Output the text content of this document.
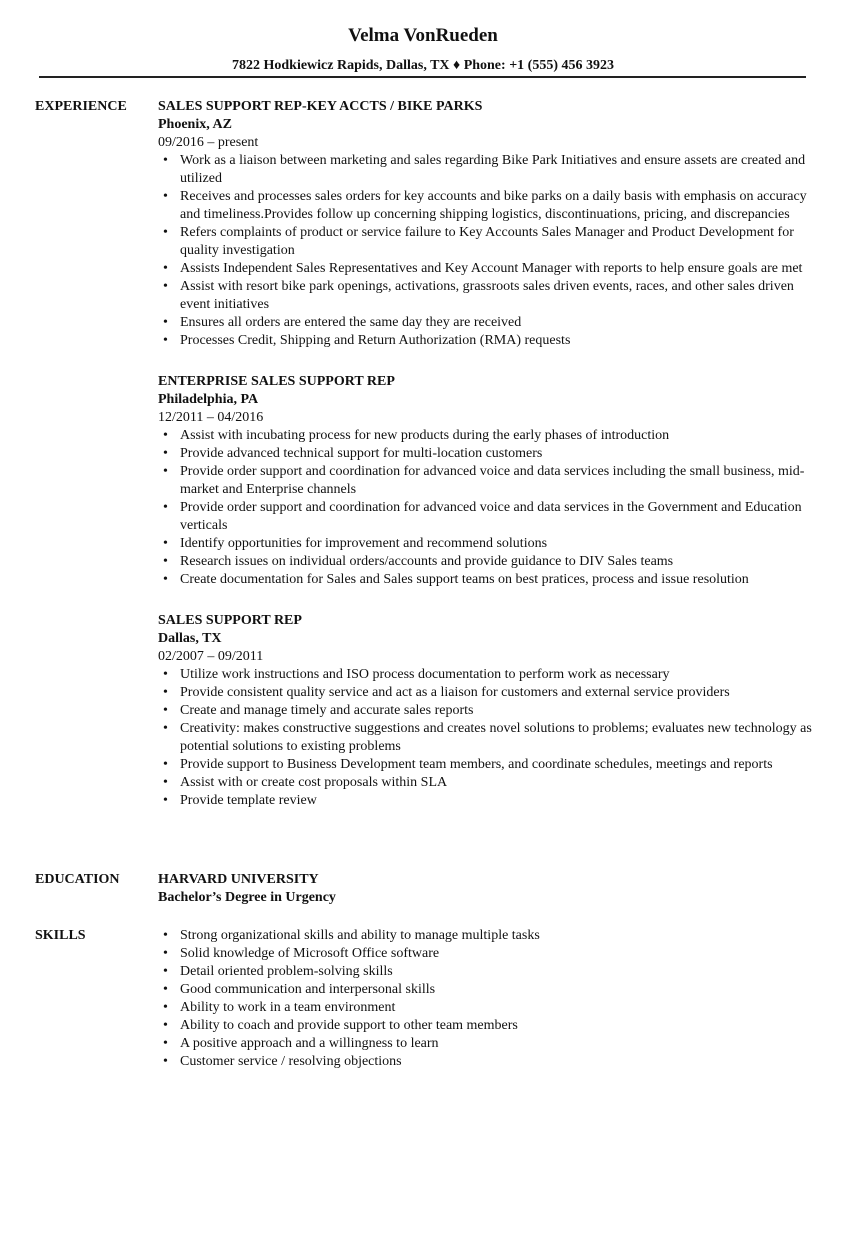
Velma VonRueden
7822 Hodkiewicz Rapids, Dallas, TX ♦ Phone: +1 (555) 456 3923
EXPERIENCE SALES SUPPORT REP-KEY ACCTS / BIKE PARKS
Phoenix, AZ
09/2016 – present
• Work as a liaison between marketing and sales regarding Bike Park Initiatives and ensure assets are created and utilized
• Receives and processes sales orders for key accounts and bike parks on a daily basis with emphasis on accuracy and timeliness.Provides follow up concerning shipping logistics, discontinuations, pricing, and discrepancies
• Refers complaints of product or service failure to Key Accounts Sales Manager and Product Development for quality investigation
• Assists Independent Sales Representatives and Key Account Manager with reports to help ensure goals are met
• Assist with resort bike park openings, activations, grassroots sales driven events, races, and other sales driven event initiatives
• Ensures all orders are entered the same day they are received
• Processes Credit, Shipping and Return Authorization (RMA) requests
ENTERPRISE SALES SUPPORT REP
Philadelphia, PA
12/2011 – 04/2016
• Assist with incubating process for new products during the early phases of introduction
• Provide advanced technical support for multi-location customers
• Provide order support and coordination for advanced voice and data services including the small business, mid-market and Enterprise channels
• Provide order support and coordination for advanced voice and data services in the Government and Education verticals
• Identify opportunities for improvement and recommend solutions
• Research issues on individual orders/accounts and provide guidance to DIV Sales teams
• Create documentation for Sales and Sales support teams on best pratices, process and issue resolution
SALES SUPPORT REP
Dallas, TX
02/2007 – 09/2011
• Utilize work instructions and ISO process documentation to perform work as necessary
• Provide consistent quality service and act as a liaison for customers and external service providers
• Create and manage timely and accurate sales reports
• Creativity: makes constructive suggestions and creates novel solutions to problems; evaluates new technology as potential solutions to existing problems
• Provide support to Business Development team members, and coordinate schedules, meetings and reports
• Assist with or create cost proposals within SLA
• Provide template review
EDUCATION	HARVARD UNIVERSITY
Bachelor’s Degree in Urgency
SKILLS
•	Strong organizational skills and ability to manage multiple tasks
• Solid knowledge of Microsoft Office software
• Detail oriented problem-solving skills
• Good communication and interpersonal skills
• Ability to work in a team environment
• Ability to coach and provide support to other team members
• A positive approach and a willingness to learn
• Customer service / resolving objections
